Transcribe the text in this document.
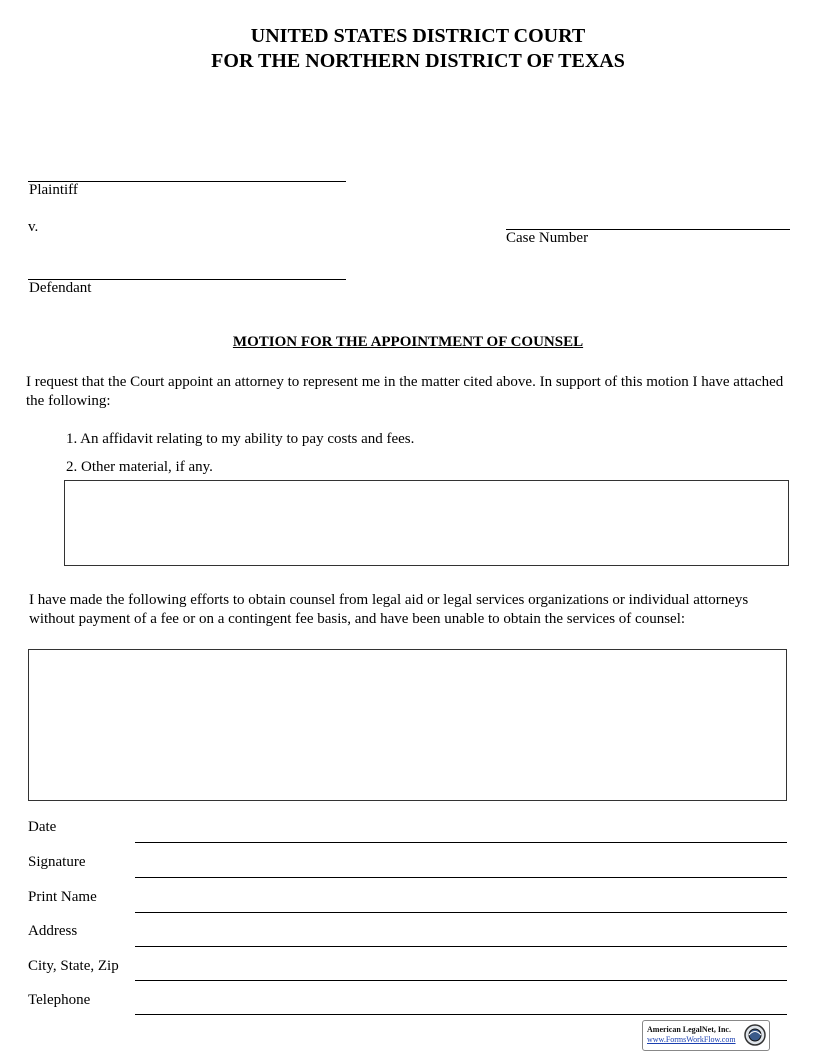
UNITED STATES DISTRICT COURT
FOR THE NORTHERN DISTRICT OF TEXAS
Plaintiff
v.
Case Number
Defendant
MOTION FOR THE APPOINTMENT OF COUNSEL
I request that the Court appoint an attorney to represent me in the matter cited above. In support of this motion I have attached the following:
1. An affidavit relating to my ability to pay costs and fees.
2. Other material, if any.
I have made the following efforts to obtain counsel from legal aid or legal services organizations or individual attorneys without payment of a fee or on a contingent fee basis, and have been unable to obtain the services of counsel:
Date
Signature
Print Name
Address
City, State, Zip
Telephone
American LegalNet, Inc.
www.FormsWorkFlow.com
